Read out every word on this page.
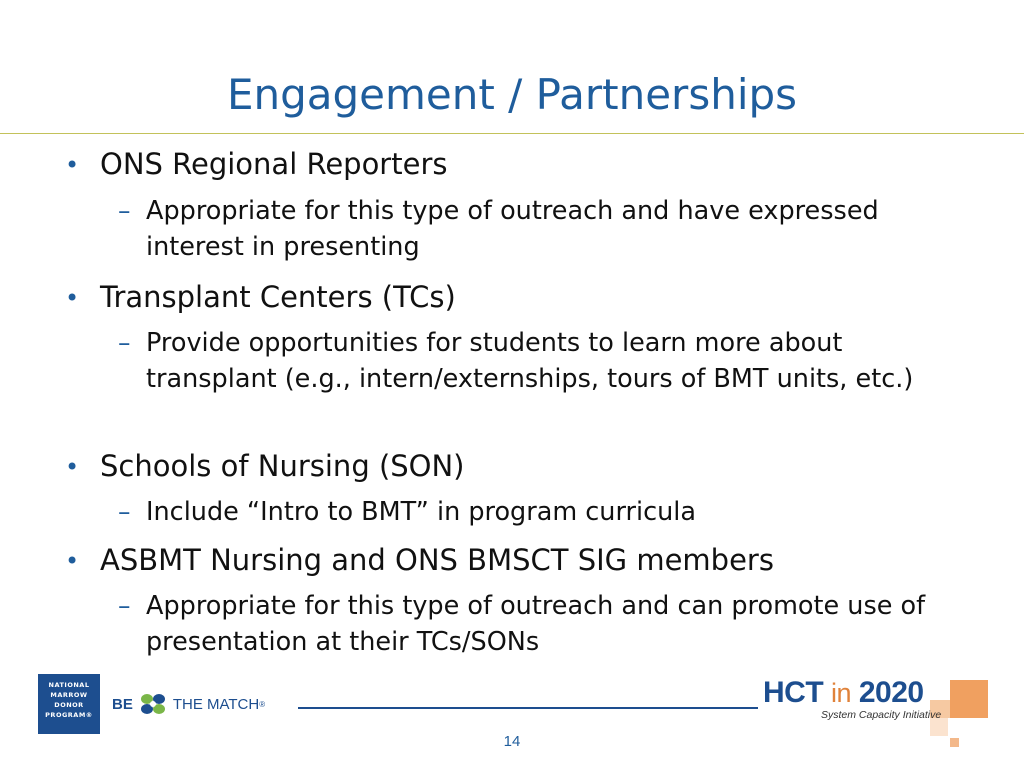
Engagement / Partnerships
• ONS Regional Reporters
– Appropriate for this type of outreach and have expressed interest in presenting
• Transplant Centers (TCs)
– Provide opportunities for students to learn more about transplant (e.g., intern/externships, tours of BMT units, etc.)
• Schools of Nursing (SON)
– Include “Intro to BMT” in program curricula
• ASBMT Nursing and ONS BMSCT SIG members
– Appropriate for this type of outreach and can promote use of presentation at their TCs/SONs
NATIONAL
MARROW
DONOR
PROGRAM®
BE	THE MATCH ®	HCT in 2020
System Capacity Initiative
14
